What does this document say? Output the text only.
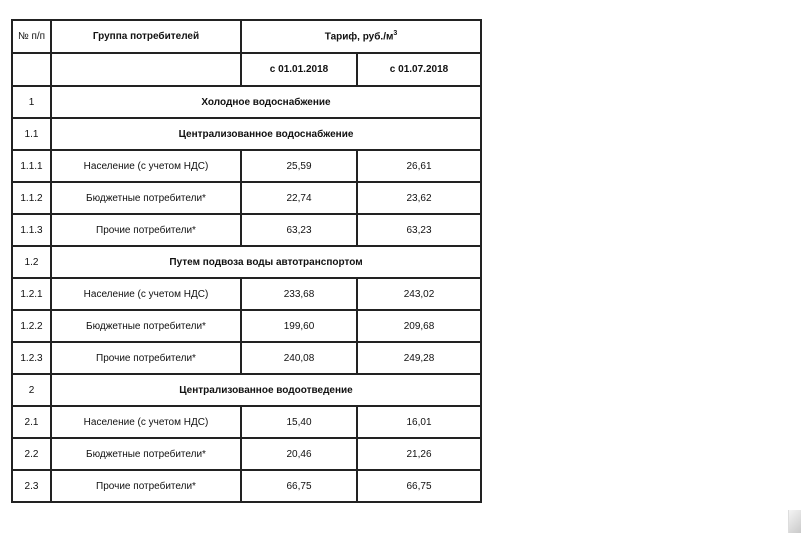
№ п/п	Группа потребителей	Тариф, $руб./м^3$
		с 01.01.2018	с 01.07.2018
1	Холодное водоснабжение		
1.1	Централизованное водоснабжение		
1.1.1	Население (с учетом НДС)	25,59	26,61
1.1.2	Бюджетные потребители*	22,74	23,62
1.1.3	Прочие потребители*	63,23	63,23
1.2	Путем подвоза воды автотранспортом		
1.2.1	Население (с учетом НДС)	233,68	243,02
1.2.2	Бюджетные потребители*	199,60	209,68
1.2.3	Прочие потребители*	240,08	249,28
2	Централизованное водоотведение		
2.1	Население (с учетом НДС)	15,40	16,01
2.2	Бюджетные потребители*	20,46	21,26
2.3	Прочие потребители*	66,75	66,75
